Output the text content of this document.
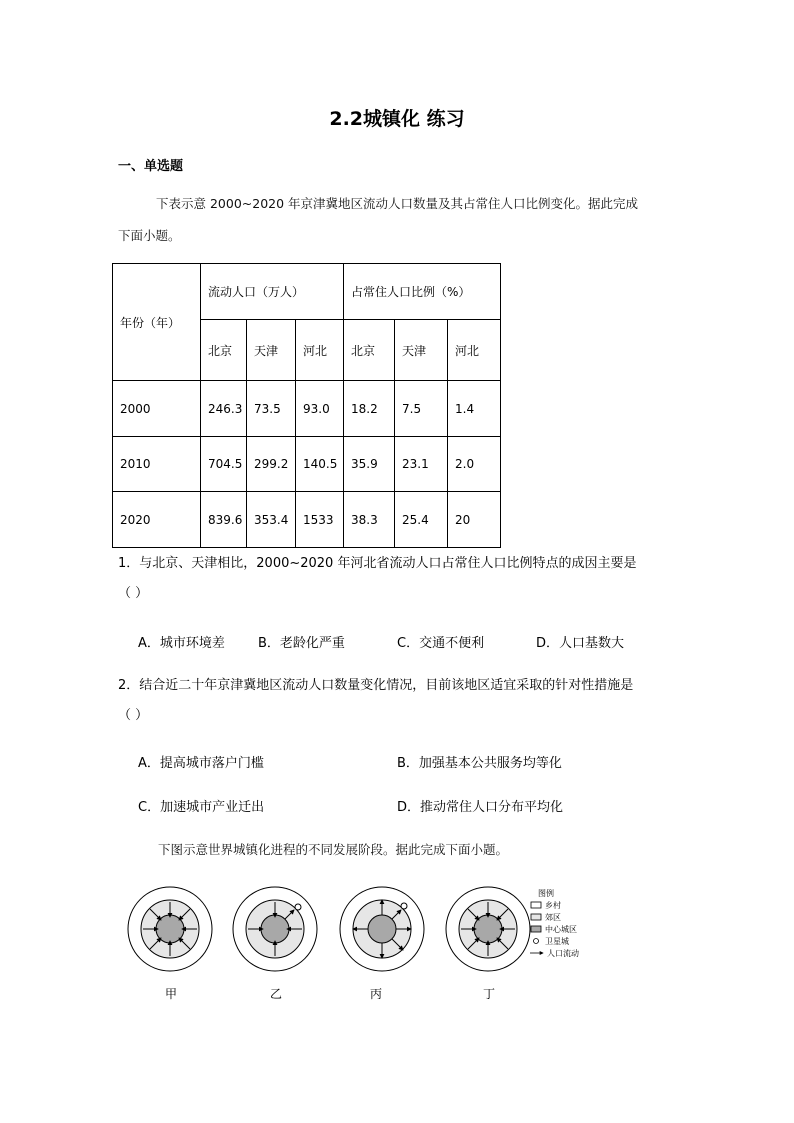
2.2城镇化 练习
一、单选题
下表示意 2000~2020 年京津冀地区流动人口数量及其占常住人口比例变化。据此完成
下面小题。
年份（年）	流动人口（万人）			占常住人口比例（%）		
	北京	天津	河北	北京	天津	河北
2000	246.3	73.5	93.0	18.2	7.5	1.4
2010	704.5	299.2	140.5	35.9	23.1	2.0
2020	839.6	353.4	1533	38.3	25.4	20
1．与北京、天津相比，2000~2020 年河北省流动人口占常住人口比例特点的成因主要是
（ ）
A．城市环境差	B．老龄化严重	C．交通不便利	D．人口基数大
2．结合近二十年京津冀地区流动人口数量变化情况，目前该地区适宜采取的针对性措施是
（ ）
A．提高城市落户门槛	B．加强基本公共服务均等化
C．加速城市产业迁出	D．推动常住人口分布平均化
下图示意世界城镇化进程的不同发展阶段。据此完成下面小题。
图例
乡村
郊区
中心城区
卫星城
人口流动
甲	乙	丙	丁
